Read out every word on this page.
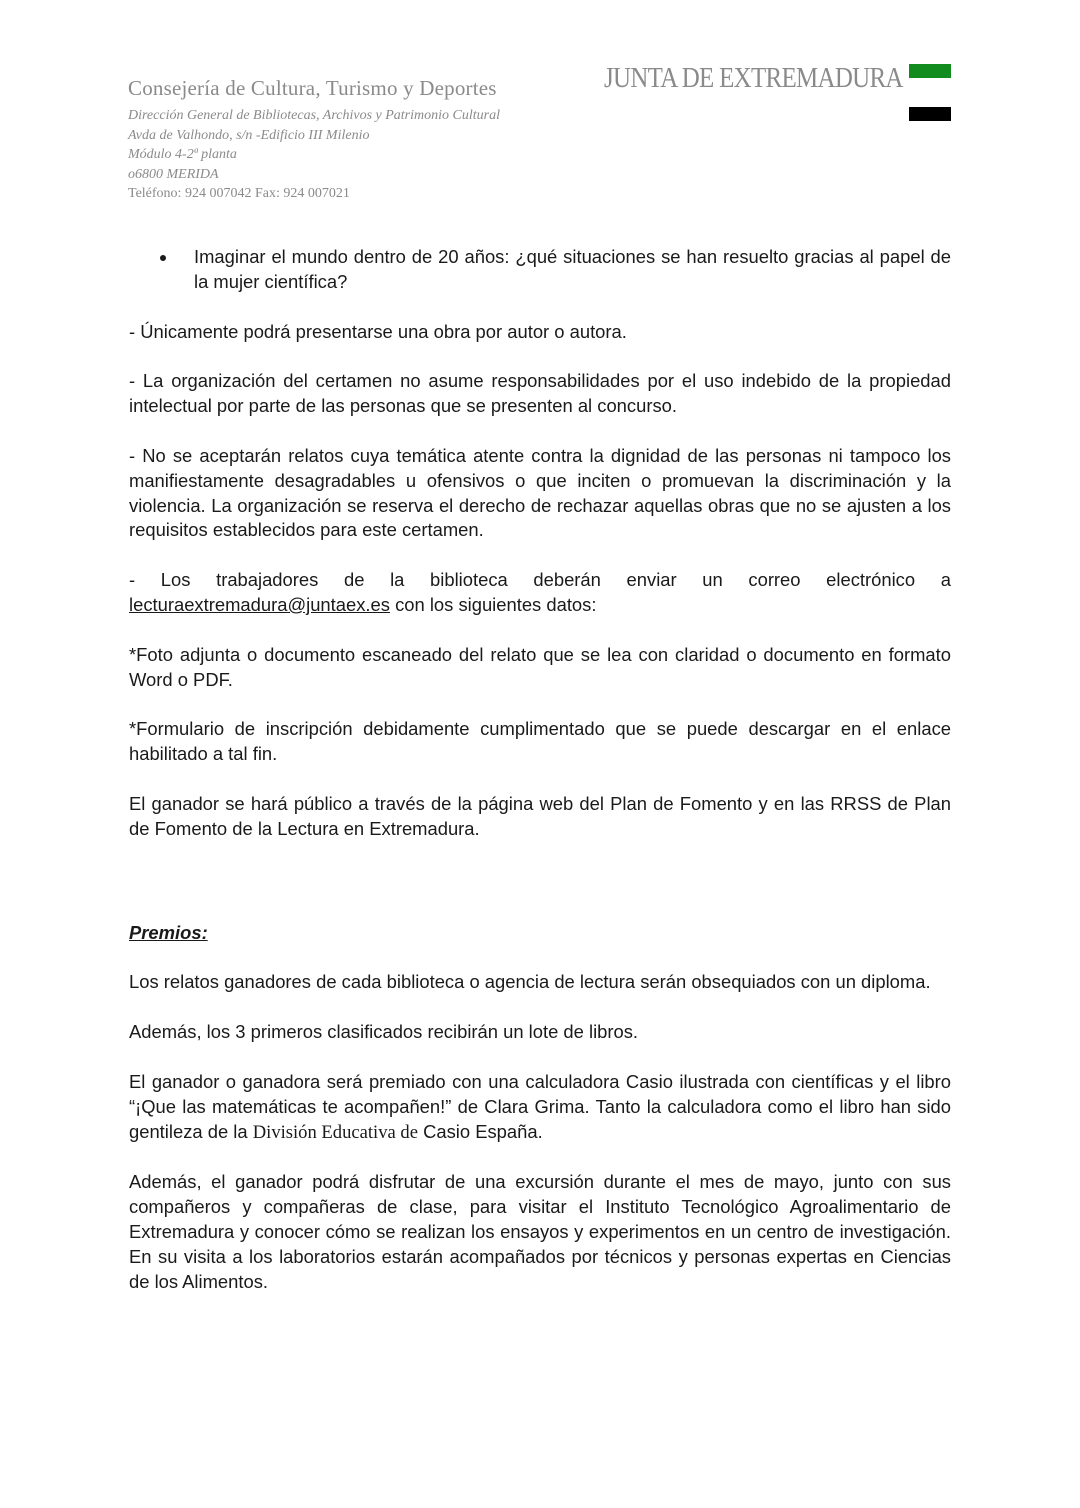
Consejería de Cultura, Turismo y Deportes
Dirección General de Bibliotecas, Archivos y Patrimonio Cultural
Avda de Valhondo, s/n -Edificio III Milenio
Módulo 4-2ª planta
o6800 MERIDA
Teléfono: 924 007042 Fax: 924 007021
JUNTA DE EXTREMADURA
Imaginar el mundo dentro de 20 años: ¿qué situaciones se han resuelto gracias al papel de la mujer científica?

- Únicamente podrá presentarse una obra por autor o autora.

- La organización del certamen no asume responsabilidades por el uso indebido de la propiedad intelectual por parte de las personas que se presenten al concurso.

- No se aceptarán relatos cuya temática atente contra la dignidad de las personas ni tampoco los manifiestamente desagradables u ofensivos o que inciten o promuevan la discriminación y la violencia. La organización se reserva el derecho de rechazar aquellas obras que no se ajusten a los requisitos establecidos para este certamen.

- Los trabajadores de la biblioteca deberán enviar un correo electrónico a lecturaextremadura@juntaex.es con los siguientes datos:

*Foto adjunta o documento escaneado del relato que se lea con claridad o documento en formato Word o PDF.

*Formulario de inscripción debidamente cumplimentado que se puede descargar en el enlace habilitado a tal fin.

El ganador se hará público a través de la página web del Plan de Fomento y en las RRSS de Plan de Fomento de la Lectura en Extremadura.

Premios:

Los relatos ganadores de cada biblioteca o agencia de lectura serán obsequiados con un diploma.

Además, los 3 primeros clasificados recibirán un lote de libros.

El ganador o ganadora será premiado con una calculadora Casio ilustrada con científicas y el libro “¡Que las matemáticas te acompañen!” de Clara Grima. Tanto la calculadora como el libro han sido gentileza de la División Educativa de Casio España.

Además, el ganador podrá disfrutar de una excursión durante el mes de mayo, junto con sus compañeros y compañeras de clase, para visitar el Instituto Tecnológico Agroalimentario de Extremadura y conocer cómo se realizan los ensayos y experimentos en un centro de investigación. En su visita a los laboratorios estarán acompañados por técnicos y personas expertas en Ciencias de los Alimentos.
